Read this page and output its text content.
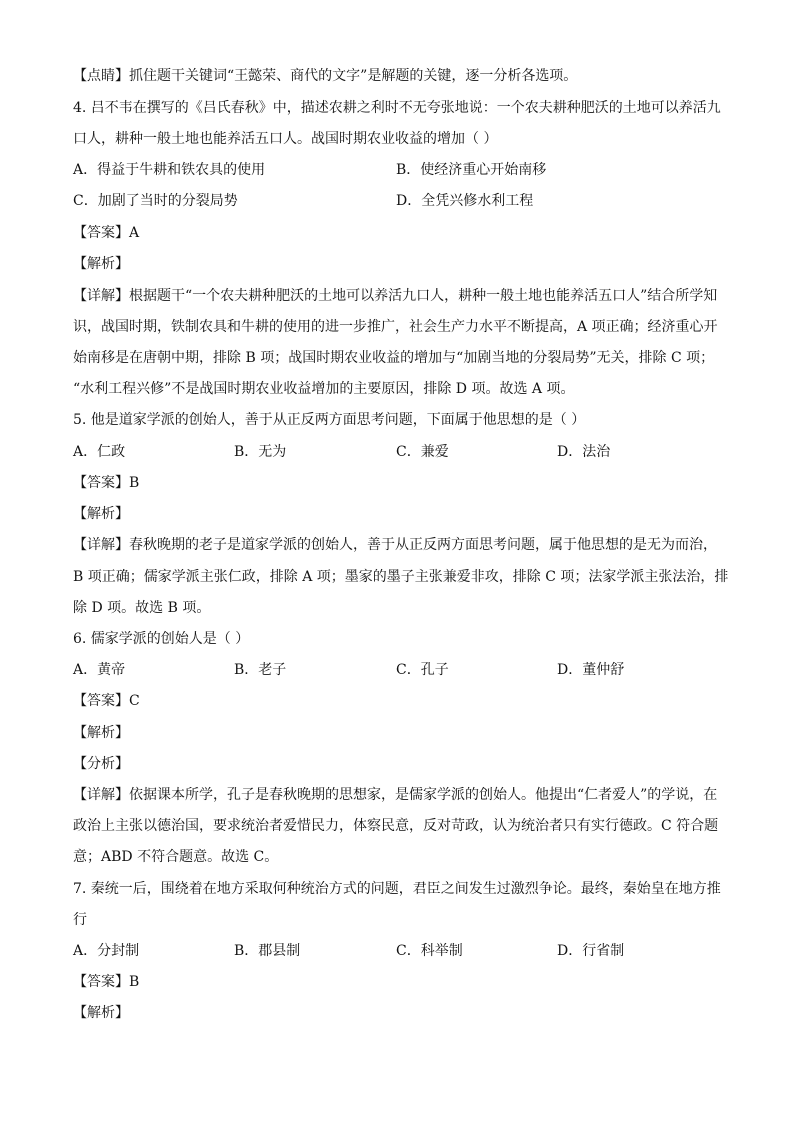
【点睛】抓住题干关键词“王懿荣、商代的文字”是解题的关键，逐一分析各选项。
4. 吕不韦在撰写的《吕氏春秋》中，描述农耕之利时不无夸张地说：一个农夫耕种肥沃的土地可以养活九
口人，耕种一般土地也能养活五口人。战国时期农业收益的增加（ ）
A．得益于牛耕和铁农具的使用	B．使经济重心开始南移
C．加剧了当时的分裂局势	D．全凭兴修水利工程
【答案】A
【解析】
【详解】根据题干“一个农夫耕种肥沃的土地可以养活九口人，耕种一般土地也能养活五口人”结合所学知
识，战国时期，铁制农具和牛耕的使用的进一步推广，社会生产力水平不断提高，A 项正确；经济重心开
始南移是在唐朝中期，排除 B 项；战国时期农业收益的增加与“加剧当地的分裂局势”无关，排除 C 项；
“水利工程兴修”不是战国时期农业收益增加的主要原因，排除 D 项。故选 A 项。
5. 他是道家学派的创始人，善于从正反两方面思考问题，下面属于他思想的是（ ）
A．仁政	B．无为	C．兼爱	D．法治
【答案】B
【解析】
【详解】春秋晚期的老子是道家学派的创始人，善于从正反两方面思考问题，属于他思想的是无为而治，
B 项正确；儒家学派主张仁政，排除 A 项；墨家的墨子主张兼爱非攻，排除 C 项；法家学派主张法治，排
除 D 项。故选 B 项。
6. 儒家学派的创始人是（ ）
A．黄帝	B．老子	C．孔子	D．董仲舒
【答案】C
【解析】
【分析】
【详解】依据课本所学，孔子是春秋晚期的思想家，是儒家学派的创始人。他提出“仁者爱人”的学说，在
政治上主张以德治国，要求统治者爱惜民力，体察民意，反对苛政，认为统治者只有实行德政。C 符合题
意；ABD 不符合题意。故选 C。
7. 秦统一后，围绕着在地方采取何种统治方式的问题，君臣之间发生过激烈争论。最终，秦始皇在地方推
行
A．分封制	B．郡县制	C．科举制	D．行省制
【答案】B
【解析】
